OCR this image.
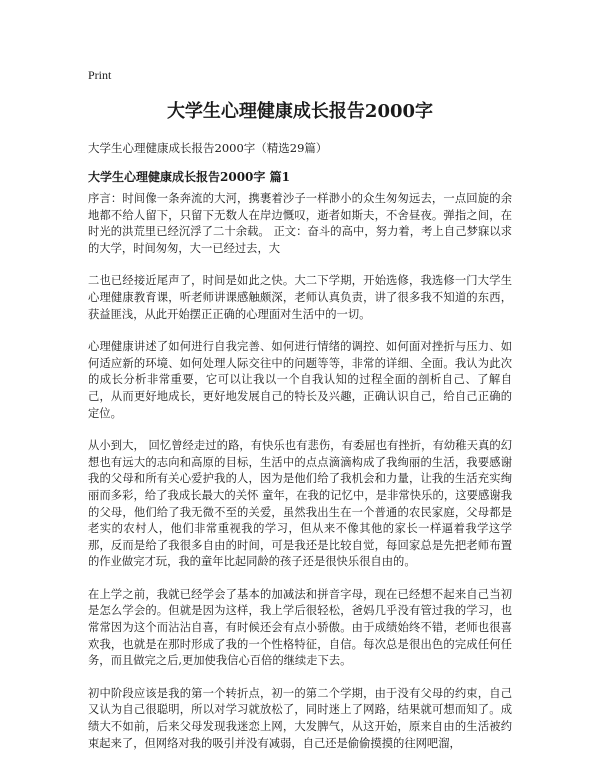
Print
大学生心理健康成长报告2000字
大学生心理健康成长报告2000字（精选29篇）
大学生心理健康成长报告2000字 篇1

序言：时间像一条奔流的大河，携裹着沙子一样渺小的众生匆匆远去，一点回旋的余地都不给人留下，只留下无数人在岸边慨叹，逝者如斯夫，不舍昼夜。弹指之间，在时光的洪荒里已经沉浮了二十余载。 正文：奋斗的高中，努力着，考上自己梦寐以求的大学，时间匆匆，大一已经过去，大

二也已经接近尾声了，时间是如此之快。大二下学期，开始选修，我选修一门大学生心理健康教育课，听老师讲课感触颇深，老师认真负责，讲了很多我不知道的东西，获益匪浅，从此开始摆正正确的心理面对生活中的一切。

心理健康讲述了如何进行自我完善、如何进行情绪的调控、如何面对挫折与压力、如何适应新的环境、如何处理人际交往中的问题等等，非常的详细、全面。我认为此次的成长分析非常重要，它可以让我以一个自我认知的过程全面的剖析自己、了解自己，从而更好地成长，更好地发展自己的特长及兴趣，正确认识自己，给自己正确的定位。

从小到大， 回忆曾经走过的路，有快乐也有悲伤，有委屈也有挫折，有幼稚天真的幻想也有远大的志向和高原的目标，生活中的点点滴滴构成了我绚丽的生活，我要感谢我的父母和所有关心爱护我的人，因为是他们给了我机会和力量，让我的生活充实绚丽而多彩，给了我成长最大的关怀 童年，在我的记忆中，是非常快乐的，这要感谢我的父母，他们给了我无微不至的关爱，虽然我出生在一个普通的农民家庭，父母都是老实的农村人，他们非常重视我的学习，但从来不像其他的家长一样逼着我学这学那，反而是给了我很多自由的时间，可是我还是比较自觉，每回家总是先把老师布置的作业做完才玩，我的童年比起同龄的孩子还是很快乐很自由的。

在上学之前，我就已经学会了基本的加减法和拼音字母，现在已经想不起来自己当初是怎么学会的。但就是因为这样，我上学后很轻松，爸妈几乎没有管过我的学习，也常常因为这个而沾沾自喜，有时候还会有点小骄傲。由于成绩始终不错，老师也很喜欢我，也就是在那时形成了我的一个性格特征，自信。每次总是很出色的完成任何任务，而且做完之后,更加使我信心百倍的继续走下去。

初中阶段应该是我的第一个转折点，初一的第二个学期，由于没有父母的约束，自己又认为自己很聪明，所以对学习就放松了，同时迷上了网路，结果就可想而知了。成绩大不如前，后来父母发现我迷恋上网，大发脾气，从这开始，原来自由的生活被约束起来了，但网络对我的吸引并没有减弱，自己还是偷偷摸摸的往网吧溜，
